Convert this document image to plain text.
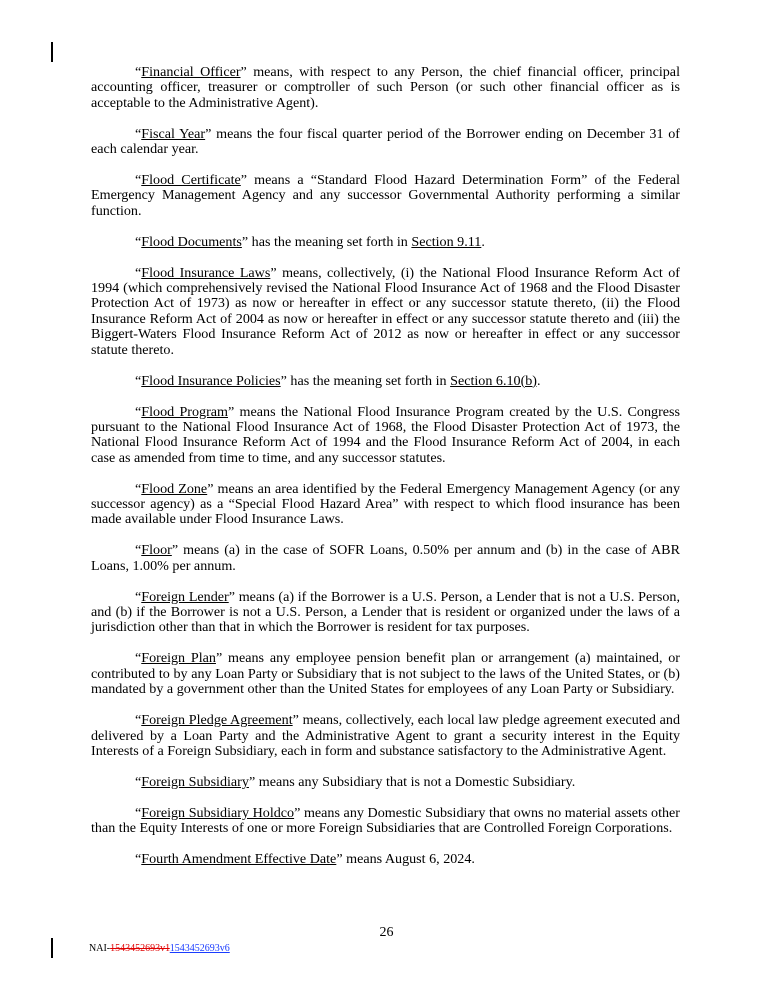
“Financial Officer” means, with respect to any Person, the chief financial officer, principal accounting officer, treasurer or comptroller of such Person (or such other financial officer as is acceptable to the Administrative Agent).

“Fiscal Year” means the four fiscal quarter period of the Borrower ending on December 31 of each calendar year.

“Flood Certificate” means a “Standard Flood Hazard Determination Form” of the Federal Emergency Management Agency and any successor Governmental Authority performing a similar function.

“Flood Documents” has the meaning set forth in Section 9.11.

“Flood Insurance Laws” means, collectively, (i) the National Flood Insurance Reform Act of 1994 (which comprehensively revised the National Flood Insurance Act of 1968 and the Flood Disaster Protection Act of 1973) as now or hereafter in effect or any successor statute thereto, (ii) the Flood Insurance Reform Act of 2004 as now or hereafter in effect or any successor statute thereto and (iii) the Biggert-Waters Flood Insurance Reform Act of 2012 as now or hereafter in effect or any successor statute thereto.

“Flood Insurance Policies” has the meaning set forth in Section 6.10(b).

“Flood Program” means the National Flood Insurance Program created by the U.S. Congress pursuant to the National Flood Insurance Act of 1968, the Flood Disaster Protection Act of 1973, the National Flood Insurance Reform Act of 1994 and the Flood Insurance Reform Act of 2004, in each case as amended from time to time, and any successor statutes.

“Flood Zone” means an area identified by the Federal Emergency Management Agency (or any successor agency) as a “Special Flood Hazard Area” with respect to which flood insurance has been made available under Flood Insurance Laws.

“Floor” means (a) in the case of SOFR Loans, 0.50% per annum and (b) in the case of ABR Loans, 1.00% per annum.

“Foreign Lender” means (a) if the Borrower is a U.S. Person, a Lender that is not a U.S. Person, and (b) if the Borrower is not a U.S. Person, a Lender that is resident or organized under the laws of a jurisdiction other than that in which the Borrower is resident for tax purposes.

“Foreign Plan” means any employee pension benefit plan or arrangement (a) maintained, or contributed to by any Loan Party or Subsidiary that is not subject to the laws of the United States, or (b) mandated by a government other than the United States for employees of any Loan Party or Subsidiary.

“Foreign Pledge Agreement” means, collectively, each local law pledge agreement executed and delivered by a Loan Party and the Administrative Agent to grant a security interest in the Equity Interests of a Foreign Subsidiary, each in form and substance satisfactory to the Administrative Agent.

“Foreign Subsidiary” means any Subsidiary that is not a Domestic Subsidiary.

“Foreign Subsidiary Holdco” means any Domestic Subsidiary that owns no material assets other than the Equity Interests of one or more Foreign Subsidiaries that are Controlled Foreign Corporations.

“Fourth Amendment Effective Date” means August 6, 2024.

26
NAI-1543452693v11543452693v6
